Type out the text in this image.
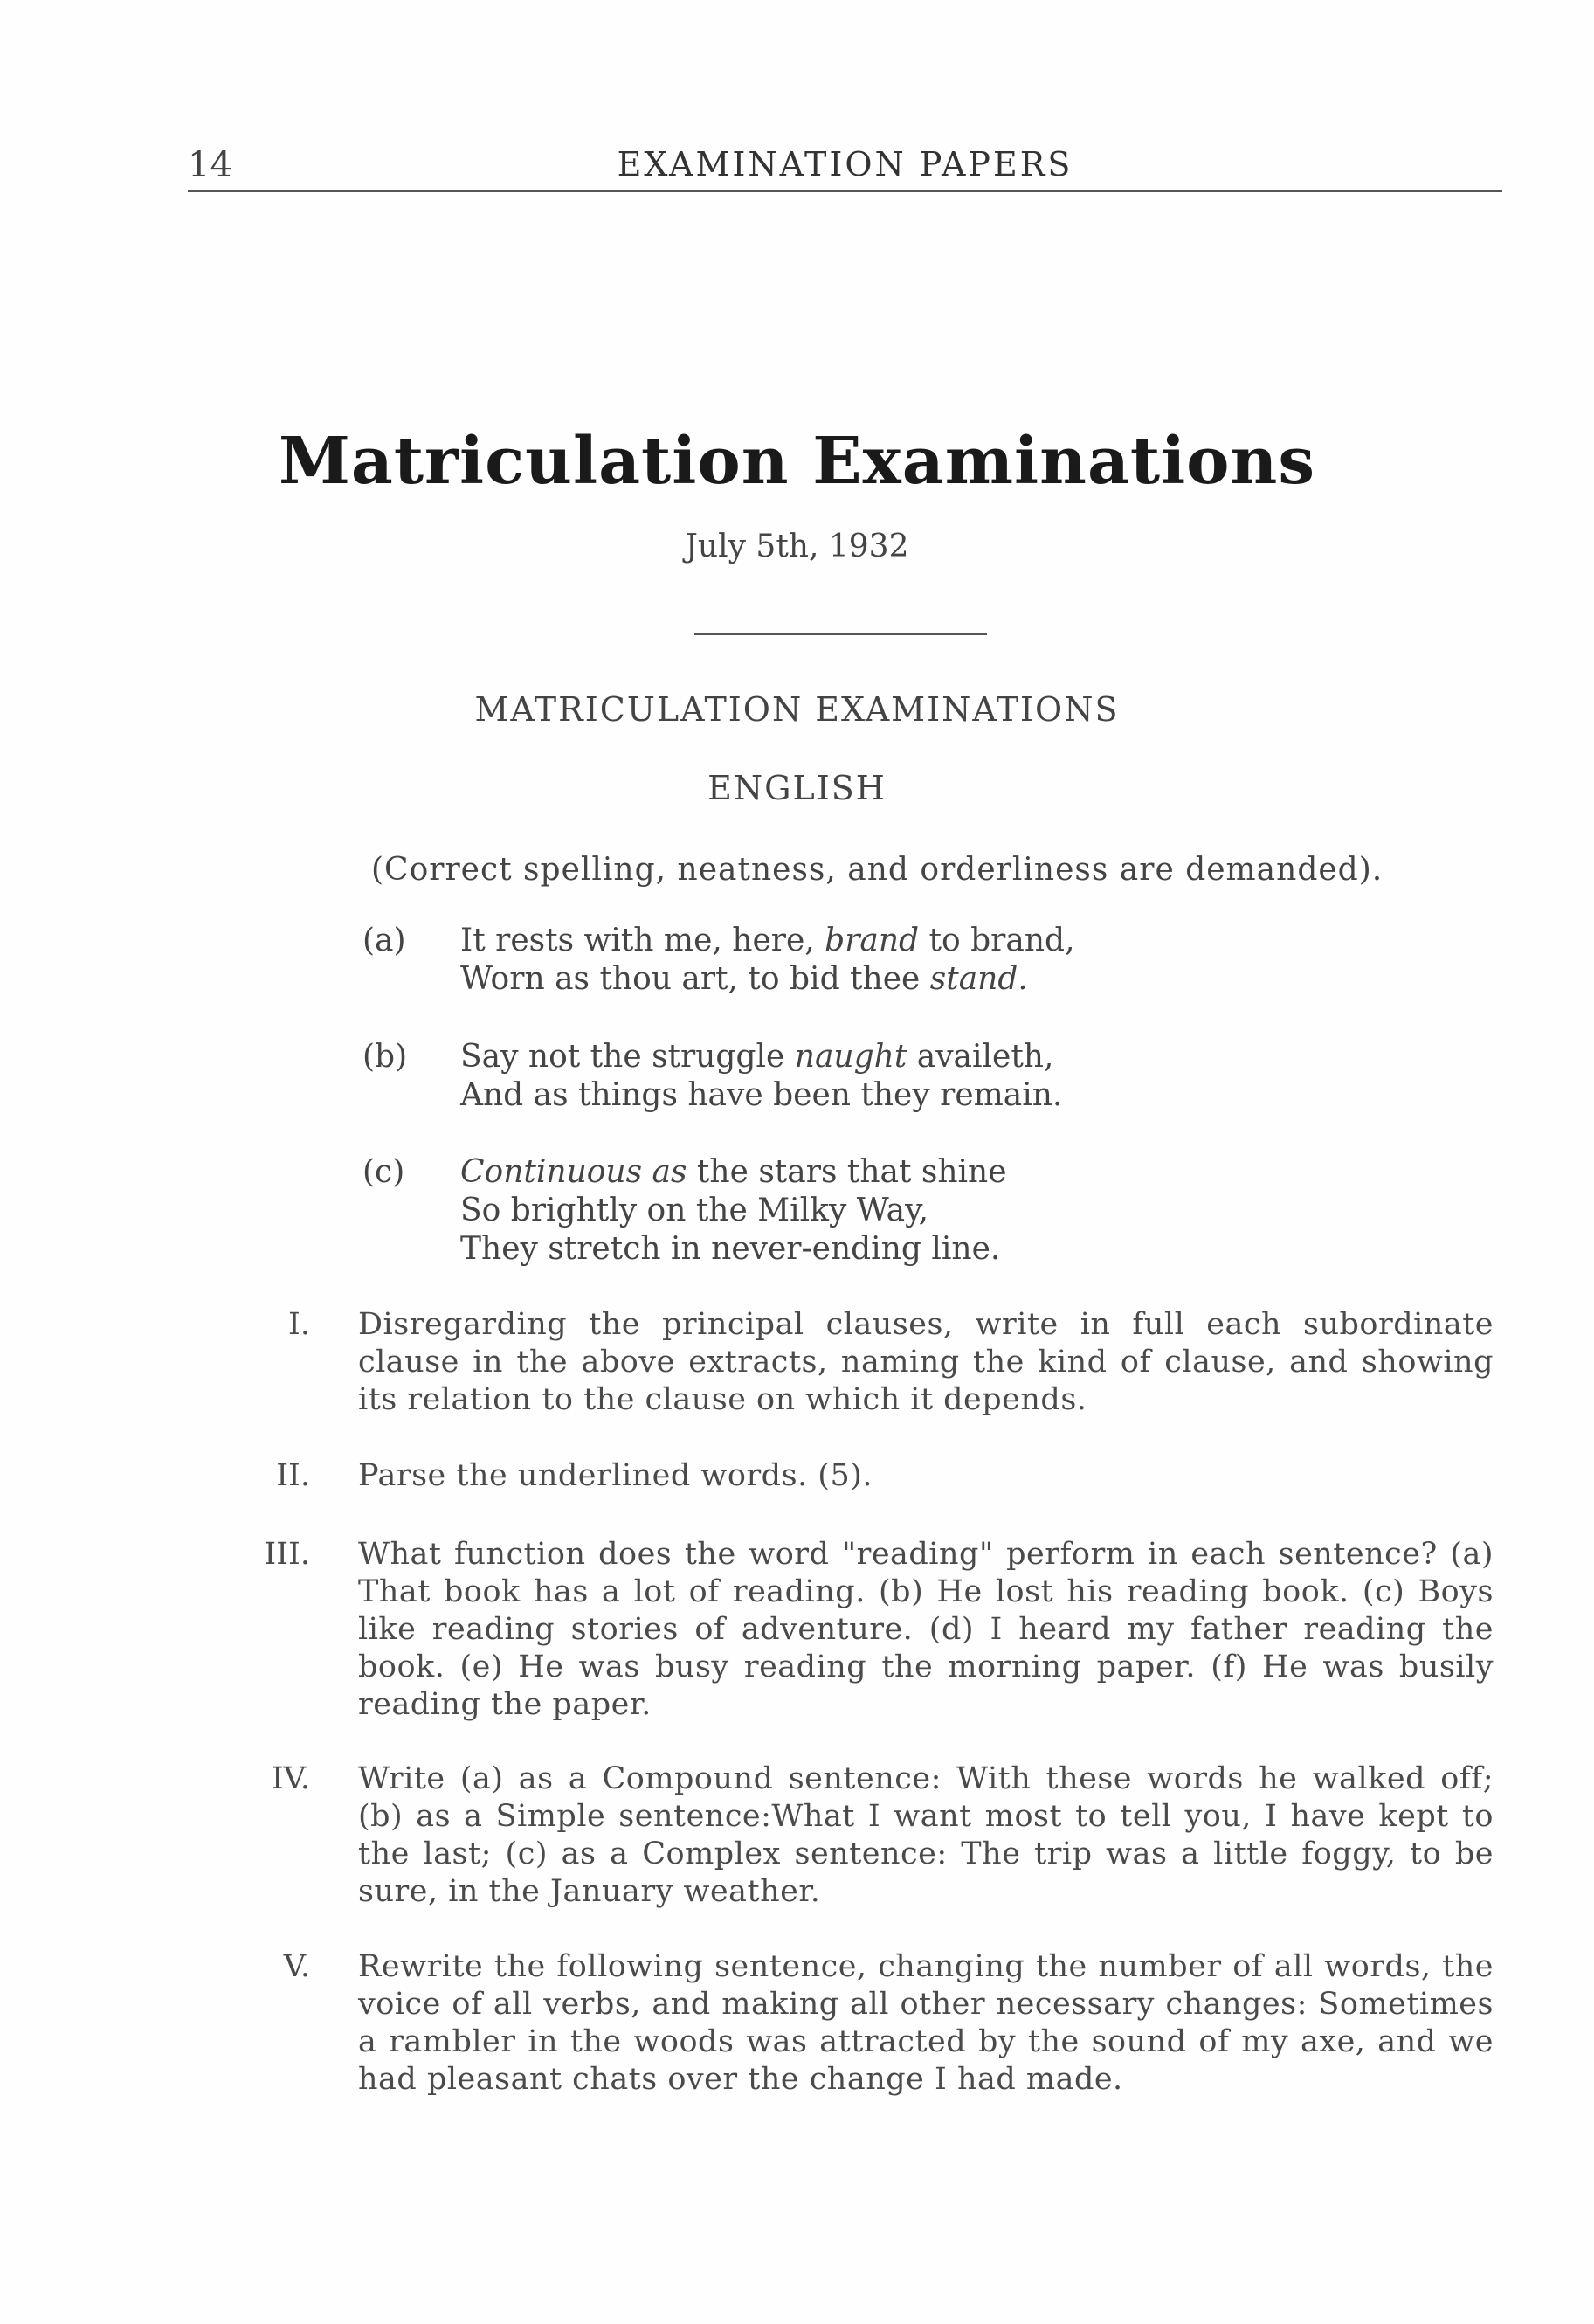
14	EXAMINATION PAPERS
Matriculation Examinations
July 5th, 1932
MATRICULATION EXAMINATIONS
ENGLISH
(Correct spelling, neatness, and orderliness are demanded).
(a) It rests with me, here, brand to brand,
Worn as thou art, to bid thee stand.
(b) Say not the struggle naught availeth,
And as things have been they remain.
(c) Continuous as the stars that shine
So brightly on the Milky Way,
They stretch in never-ending line.
I. Disregarding the principal clauses, write in full each subordinate clause in the above extracts, naming the kind of clause, and showing its relation to the clause on which it depends.
II. Parse the underlined words. (5).
III. What function does the word "reading" perform in each sentence? (a) That book has a lot of reading. (b) He lost his reading book. (c) Boys like reading stories of adventure. (d) I heard my father reading the book. (e) He was busy reading the morning paper. (f) He was busily reading the paper.
IV. Write (a) as a Compound sentence: With these words he walked off; (b) as a Simple sentence:What I want most to tell you, I have kept to the last; (c) as a Complex sentence: The trip was a little foggy, to be sure, in the January weather.
V. Rewrite the following sentence, changing the number of all words, the voice of all verbs, and making all other necessary changes: Sometimes a rambler in the woods was attracted by the sound of my axe, and we had pleasant chats over the change I had made.
